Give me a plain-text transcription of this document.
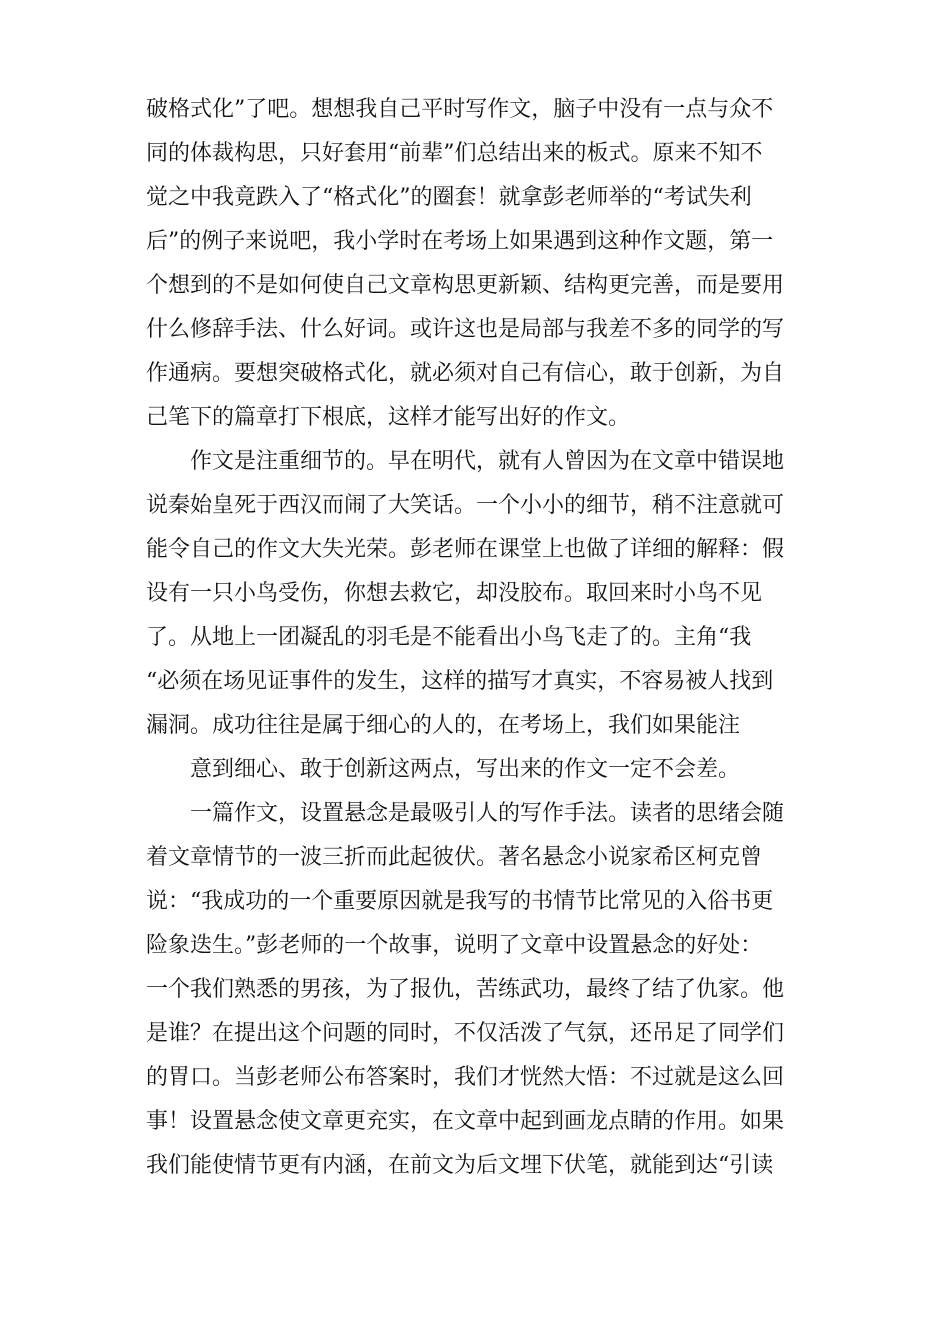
破格式化”了吧。想想我自己平时写作文，脑子中没有一点与众不
同的体裁构思，只好套用“前辈”们总结出来的板式。原来不知不
觉之中我竟跌入了“格式化”的圈套！就拿彭老师举的“考试失利
后”的例子来说吧，我小学时在考场上如果遇到这种作文题，第一
个想到的不是如何使自己文章构思更新颖、结构更完善，而是要用
什么修辞手法、什么好词。或许这也是局部与我差不多的同学的写
作通病。要想突破格式化，就必须对自己有信心，敢于创新，为自
己笔下的篇章打下根底，这样才能写出好的作文。
作文是注重细节的。早在明代，就有人曾因为在文章中错误地
说秦始皇死于西汉而闹了大笑话。一个小小的细节，稍不注意就可
能令自己的作文大失光荣。彭老师在课堂上也做了详细的解释：假
设有一只小鸟受伤，你想去救它，却没胶布。取回来时小鸟不见
了。从地上一团凝乱的羽毛是不能看出小鸟飞走了的。主角“我
“必须在场见证事件的发生，这样的描写才真实，不容易被人找到
漏洞。成功往往是属于细心的人的，在考场上，我们如果能注
意到细心、敢于创新这两点，写出来的作文一定不会差。
一篇作文，设置悬念是最吸引人的写作手法。读者的思绪会随
着文章情节的一波三折而此起彼伏。著名悬念小说家希区柯克曾
说：“我成功的一个重要原因就是我写的书情节比常见的入俗书更
险象迭生。”彭老师的一个故事，说明了文章中设置悬念的好处：
一个我们熟悉的男孩，为了报仇，苦练武功，最终了结了仇家。他
是谁？在提出这个问题的同时，不仅活泼了气氛，还吊足了同学们
的胃口。当彭老师公布答案时，我们才恍然大悟：不过就是这么回
事！设置悬念使文章更充实，在文章中起到画龙点睛的作用。如果
我们能使情节更有内涵，在前文为后文埋下伏笔，就能到达“引读
